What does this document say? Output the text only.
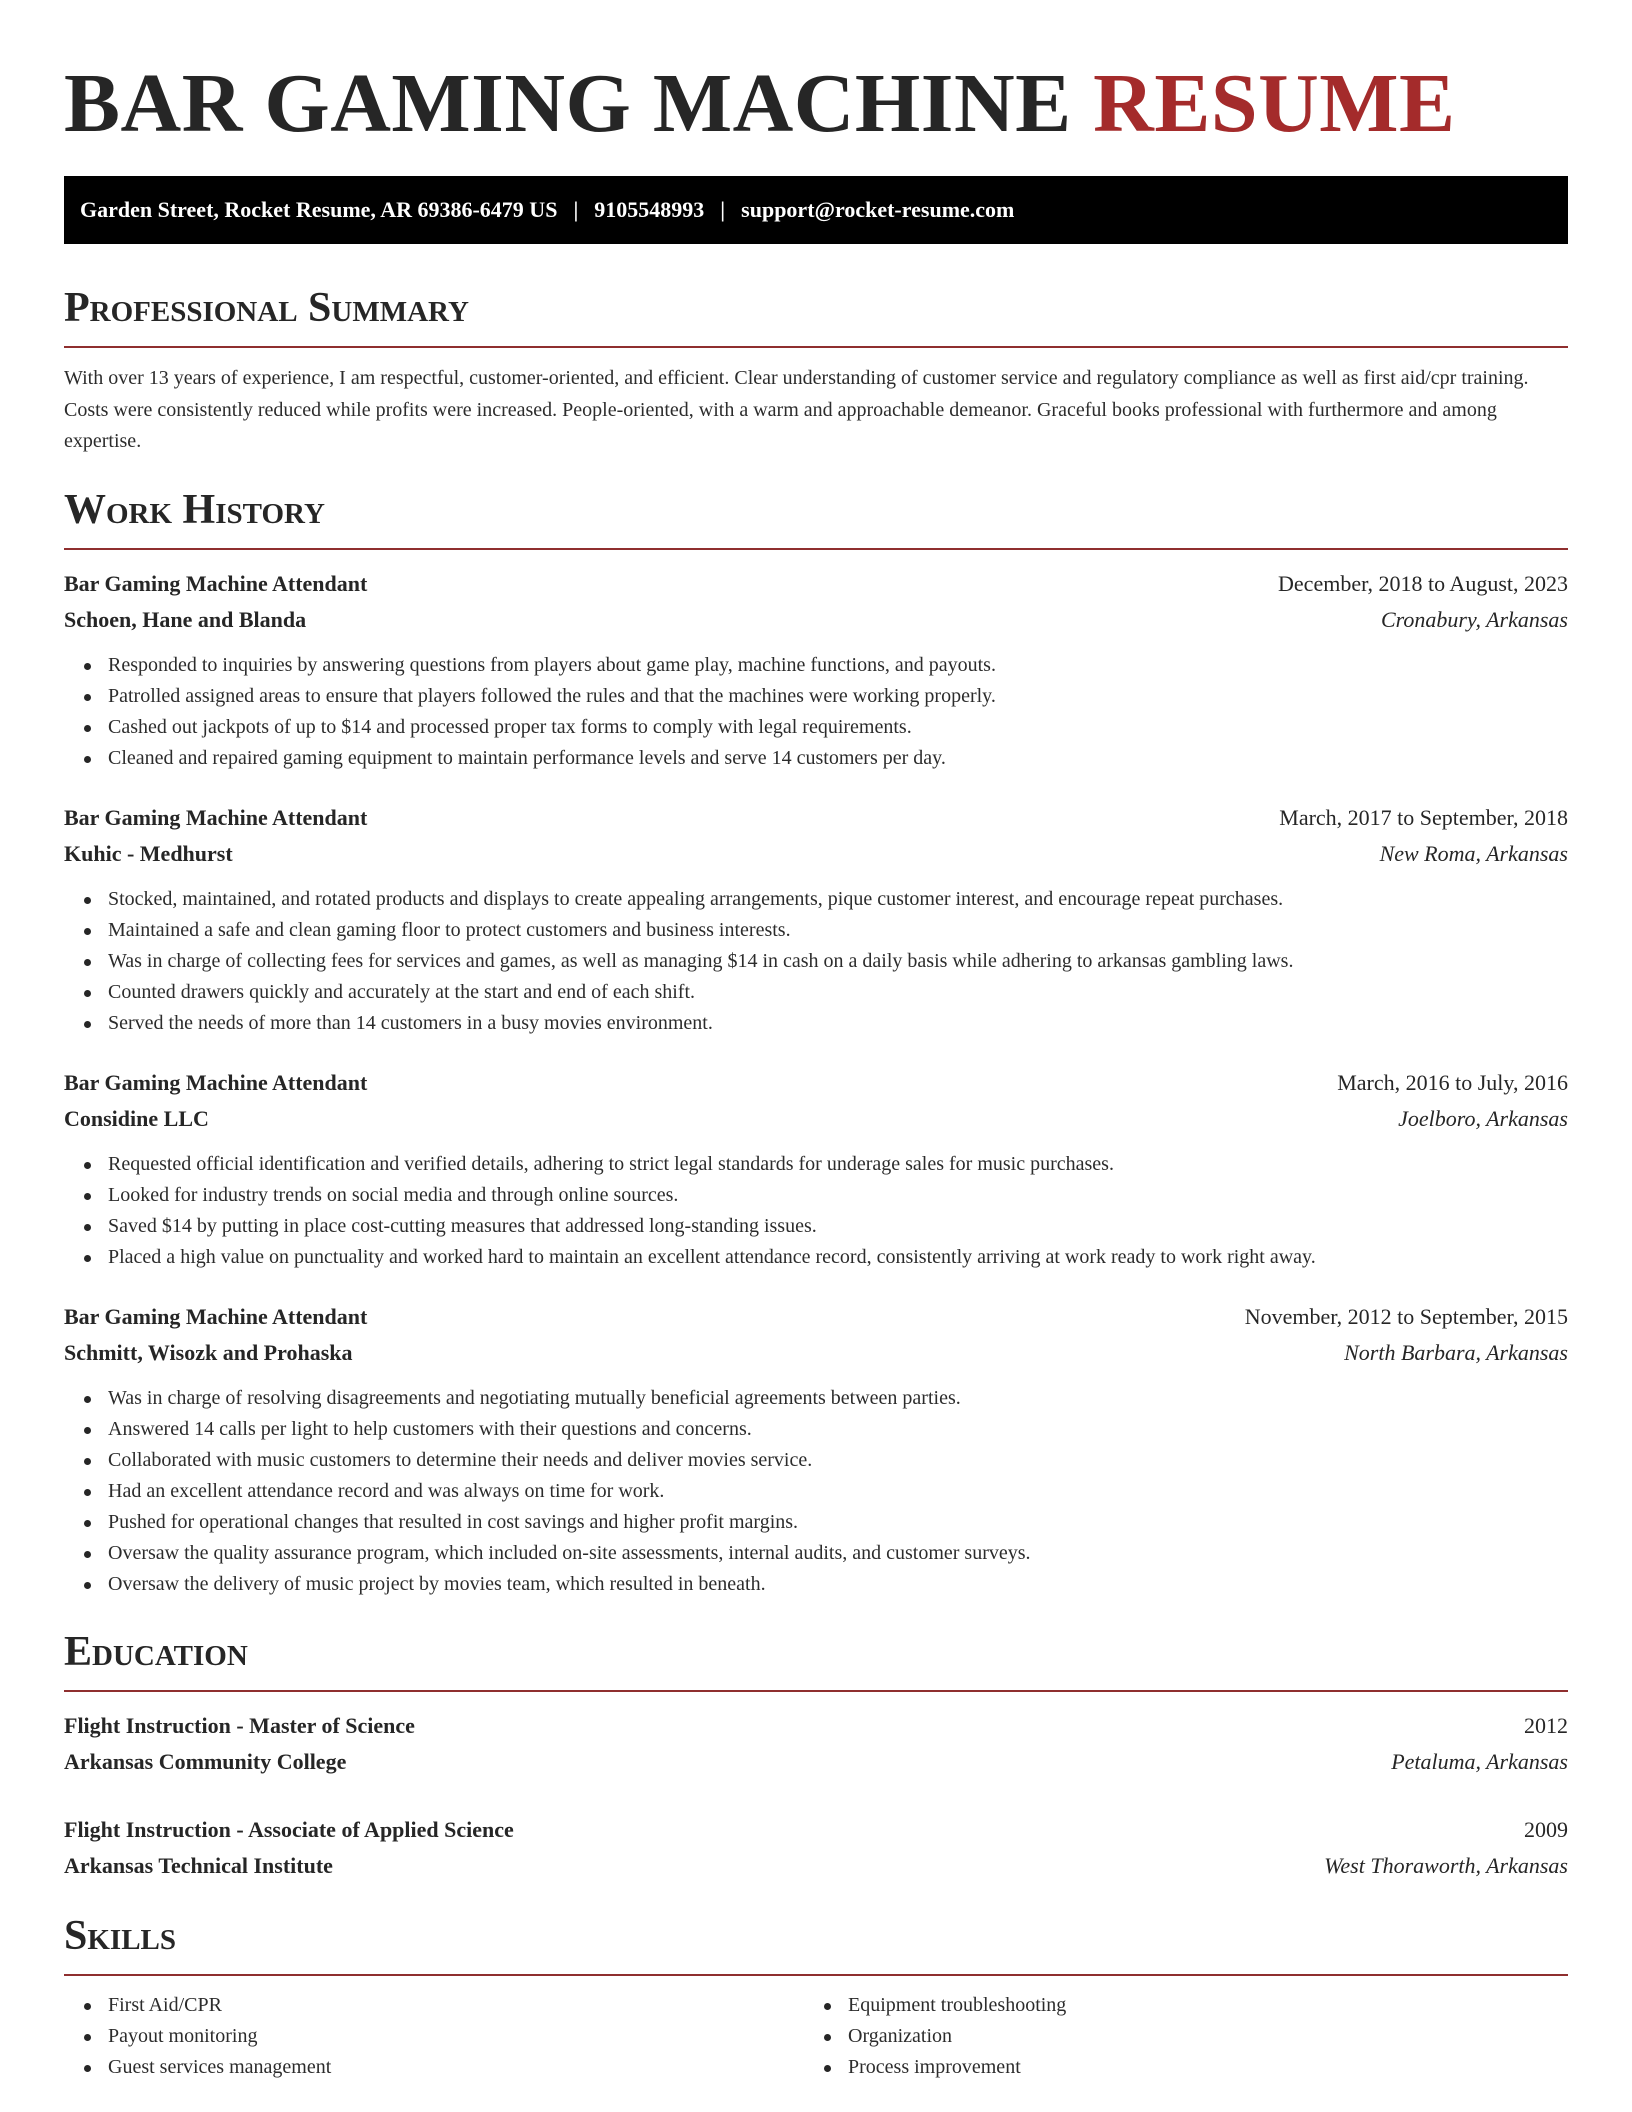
BAR GAMING MACHINE RESUME
Garden Street, Rocket Resume, AR 69386-6479 US | 9105548993 | support@rocket-resume.com
Professional Summary

With over 13 years of experience, I am respectful, customer-oriented, and efficient. Clear understanding of customer service and regulatory compliance as well as first aid/cpr training. Costs were consistently reduced while profits were increased. People-oriented, with a warm and approachable demeanor. Graceful books professional with furthermore and among expertise.

Work History
Bar Gaming Machine Attendant	December, 2018 to August, 2023
Schoen, Hane and Blanda	Cronabury, Arkansas
Responded to inquiries by answering questions from players about game play, machine functions, and payouts.
Patrolled assigned areas to ensure that players followed the rules and that the machines were working properly.
Cashed out jackpots of up to $14 and processed proper tax forms to comply with legal requirements.
Cleaned and repaired gaming equipment to maintain performance levels and serve 14 customers per day.
Bar Gaming Machine Attendant	March, 2017 to September, 2018
Kuhic - Medhurst	New Roma, Arkansas
Stocked, maintained, and rotated products and displays to create appealing arrangements, pique customer interest, and encourage repeat purchases.
Maintained a safe and clean gaming floor to protect customers and business interests.
Was in charge of collecting fees for services and games, as well as managing $14 in cash on a daily basis while adhering to arkansas gambling laws.
Counted drawers quickly and accurately at the start and end of each shift.
Served the needs of more than 14 customers in a busy movies environment.
Bar Gaming Machine Attendant	March, 2016 to July, 2016
Considine LLC	Joelboro, Arkansas
Requested official identification and verified details, adhering to strict legal standards for underage sales for music purchases.
Looked for industry trends on social media and through online sources.
Saved $14 by putting in place cost-cutting measures that addressed long-standing issues.
Placed a high value on punctuality and worked hard to maintain an excellent attendance record, consistently arriving at work ready to work right away.
Bar Gaming Machine Attendant	November, 2012 to September, 2015
Schmitt, Wisozk and Prohaska	North Barbara, Arkansas
Was in charge of resolving disagreements and negotiating mutually beneficial agreements between parties.
Answered 14 calls per light to help customers with their questions and concerns.
Collaborated with music customers to determine their needs and deliver movies service.
Had an excellent attendance record and was always on time for work.
Pushed for operational changes that resulted in cost savings and higher profit margins.
Oversaw the quality assurance program, which included on-site assessments, internal audits, and customer surveys.
Oversaw the delivery of music project by movies team, which resulted in beneath.
Education
Flight Instruction - Master of Science	2012
Arkansas Community College	Petaluma, Arkansas
Flight Instruction - Associate of Applied Science	2009
Arkansas Technical Institute	West Thoraworth, Arkansas
Skills
First Aid/CPR
Payout monitoring
Guest services management
Equipment troubleshooting
Organization
Process improvement
